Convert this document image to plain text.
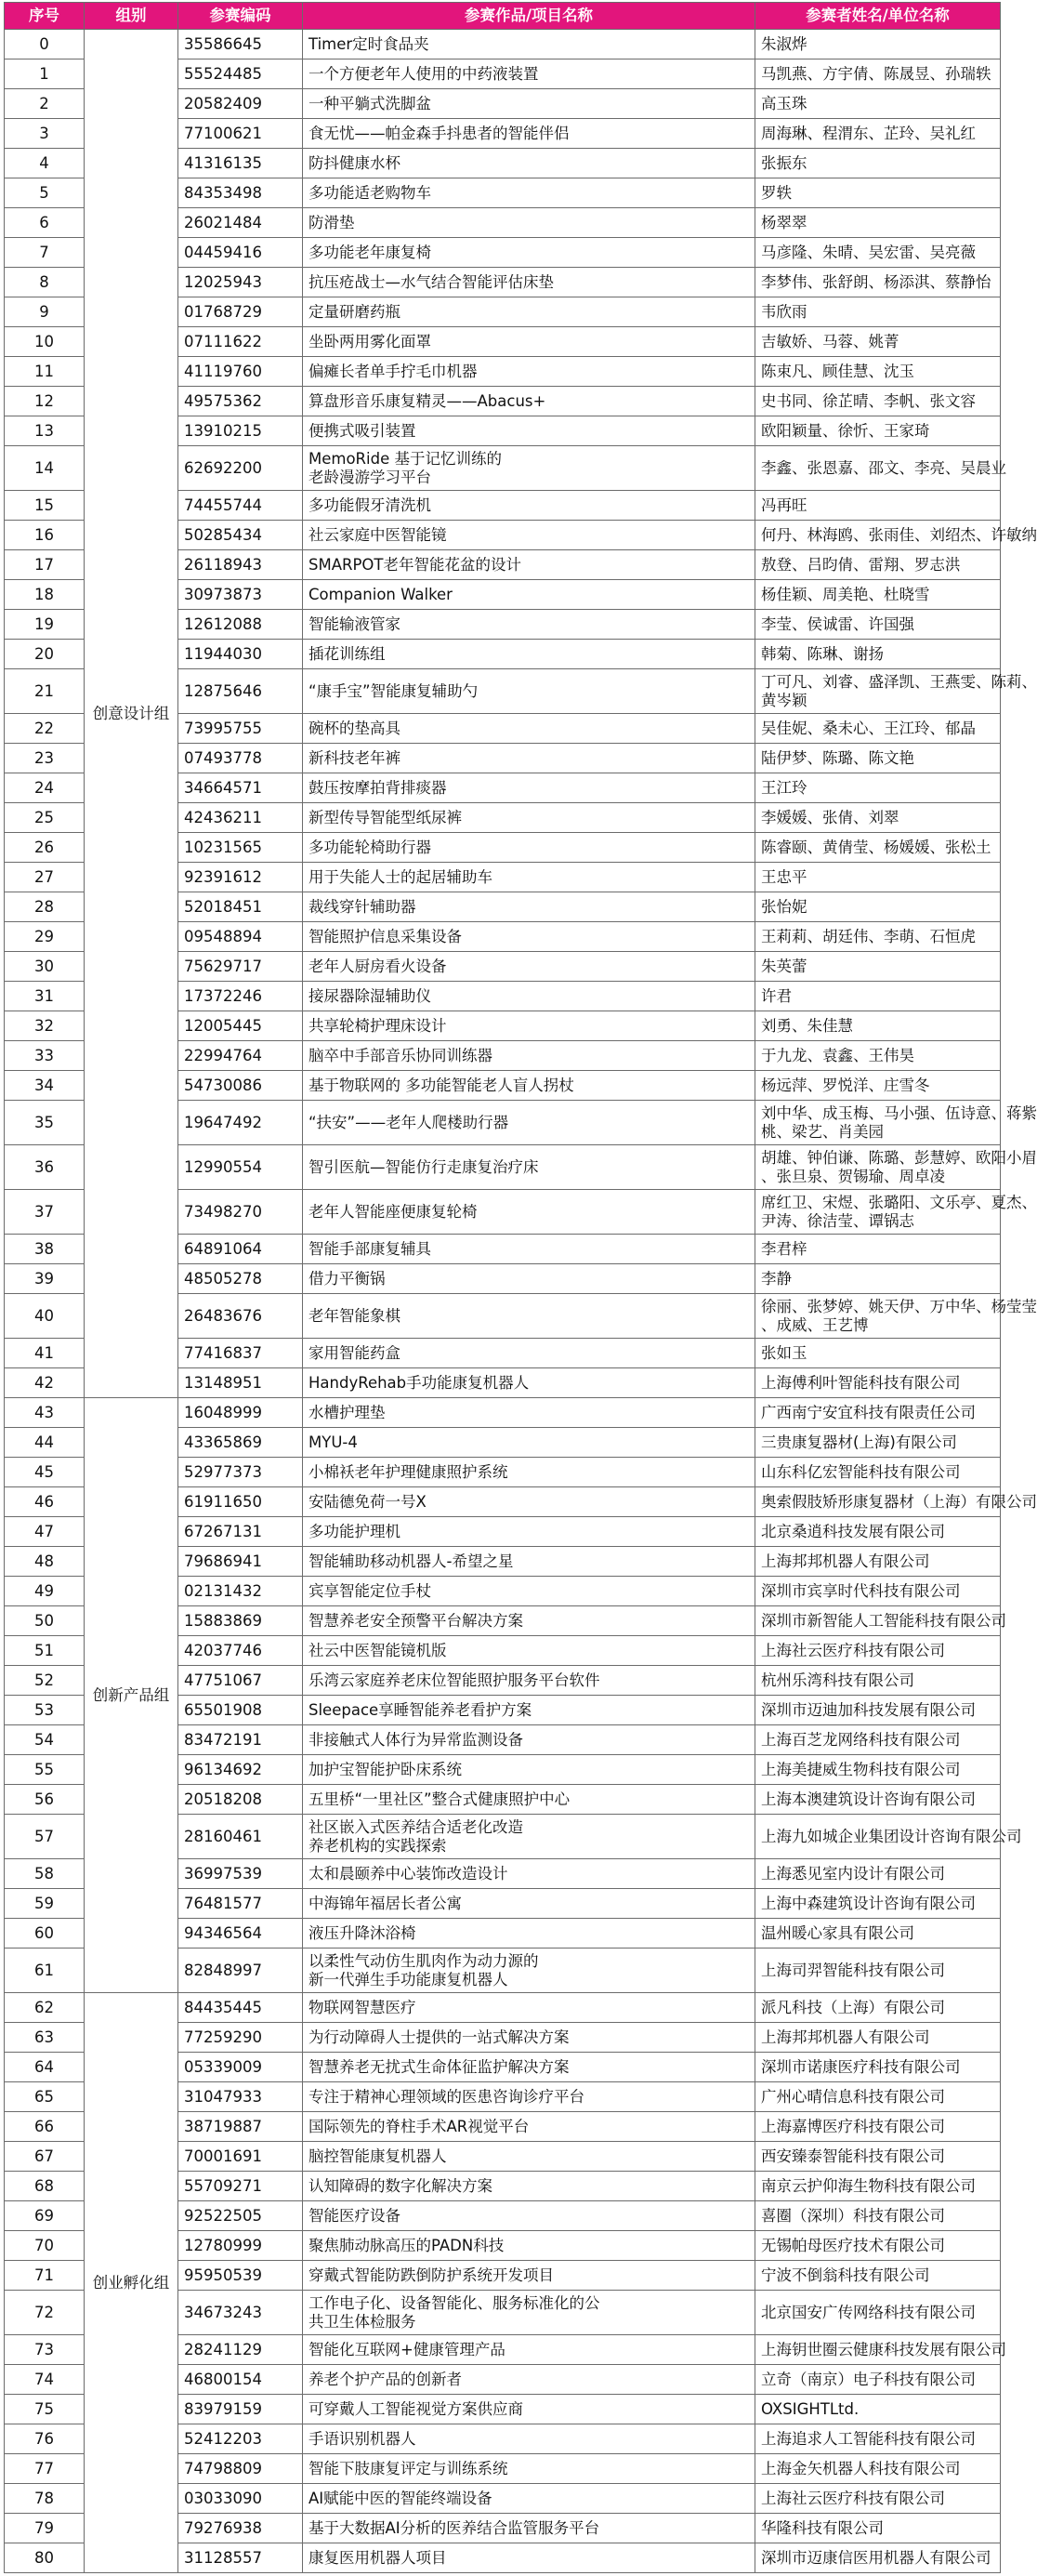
序号	组别	参赛编码	参赛作品/项目名称	参赛者姓名/单位名称
0	创意设计组	35586645	Timer定时食品夹	朱淑烨

1		55524485	一个方便老年人使用的中药液装置	马凯燕、方宇倩、陈晟昱、孙瑞轶

2		20582409	一种平躺式洗脚盆	高玉珠

3		77100621	食无忧——帕金森手抖患者的智能伴侣	周海琳、程渭东、芷玲、吴礼红

4		41316135	防抖健康水杯	张振东

5		84353498	多功能适老购物车	罗轶

6		26021484	防滑垫	杨翠翠

7		04459416	多功能老年康复椅	马彦隆、朱晴、吴宏雷、吴亮薇

8		12025943	抗压疮战士—水气结合智能评估床垫	李梦伟、张舒朗、杨添淇、蔡静怡

9		01768729	定量研磨药瓶	韦欣雨

10		07111622	坐卧两用雾化面罩	吉敏娇、马蓉、姚菁

11		41119760	偏瘫长者单手拧毛巾机器	陈束凡、顾佳慧、沈玉

12		49575362	算盘形音乐康复精灵——Abacus+	史书同、徐芷晴、李帆、张文容

13		13910215	便携式吸引装置	欧阳颖量、徐忻、王家琦

14		62692200	MemoRide 基于记忆训练的
老龄漫游学习平台	李鑫、张恩嘉、邵文、李亮、吴晨业

15		74455744	多功能假牙清洗机	冯再旺

16		50285434	社云家庭中医智能镜	何丹、林海鸥、张雨佳、刘绍杰、许敏纳

17		26118943	SMARPOT老年智能花盆的设计	敖登、吕昀倩、雷翔、罗志洪

18		30973873	Companion Walker	杨佳颖、周美艳、杜晓雪

19		12612088	智能输液管家	李莹、侯诚雷、许国强

20		11944030	插花训练组	韩菊、陈琳、谢扬

21		12875646	“康手宝”智能康复辅助勺	丁可凡、刘睿、盛泽凯、王燕雯、陈莉、
黄岑颖

22		73995755	碗杯的垫高具	吴佳妮、桑未心、王江玲、郁晶

23		07493778	新科技老年裤	陆伊梦、陈璐、陈文艳

24		34664571	鼓压按摩拍背排痰器	王江玲

25		42436211	新型传导智能型纸尿裤	李媛媛、张倩、刘翠

26		10231565	多功能轮椅助行器	陈睿颐、黄倩莹、杨媛媛、张松土

27		92391612	用于失能人士的起居辅助车	王忠平

28		52018451	裁线穿针辅助器	张怡妮

29		09548894	智能照护信息采集设备	王莉莉、胡廷伟、李萌、石恒虎

30		75629717	老年人厨房看火设备	朱英蕾

31		17372246	接尿器除湿辅助仪	许君

32		12005445	共享轮椅护理床设计	刘勇、朱佳慧

33		22994764	脑卒中手部音乐协同训练器	于九龙、袁鑫、王伟昊

34		54730086	基于物联网的 多功能智能老人盲人拐杖	杨远萍、罗悦洋、庄雪冬

35		19647492	“扶安”——老年人爬楼助行器	刘中华、成玉梅、马小强、伍诗意、蒋紫
桃、梁艺、肖美园

36		12990554	智引医航—智能仿行走康复治疗床	胡雄、钟伯谦、陈璐、彭慧婷、欧阳小眉
、张旦泉、贺锡瑜、周卓凌

37		73498270	老年人智能座便康复轮椅	席红卫、宋煜、张璐阳、文乐亭、夏杰、
尹涛、徐洁莹、谭锅志

38		64891064	智能手部康复辅具	李君梓

39		48505278	借力平衡锅	李静

40		26483676	老年智能象棋	徐丽、张梦婷、姚天伊、万中华、杨莹莹
、成威、王艺博

41		77416837	家用智能药盒	张如玉

42		13148951	HandyRehab手功能康复机器人	上海傅利叶智能科技有限公司

43	创新产品组	16048999	水槽护理垫	广西南宁安宜科技有限责任公司

44		43365869	MYU-4	三贵康复器材(上海)有限公司

45		52977373	小棉袄老年护理健康照护系统	山东科亿宏智能科技有限公司

46		61911650	安陆德免荷一号X	奥索假肢矫形康复器材（上海）有限公司

47		67267131	多功能护理机	北京桑逍科技发展有限公司

48		79686941	智能辅助移动机器人-希望之星	上海邦邦机器人有限公司

49		02131432	宾享智能定位手杖	深圳市宾享时代科技有限公司

50		15883869	智慧养老安全预警平台解决方案	深圳市新智能人工智能科技有限公司

51		42037746	社云中医智能镜机版	上海社云医疗科技有限公司

52		47751067	乐湾云家庭养老床位智能照护服务平台软件	杭州乐湾科技有限公司

53		65501908	Sleepace享睡智能养老看护方案	深圳市迈迪加科技发展有限公司

54		83472191	非接触式人体行为异常监测设备	上海百芝龙网络科技有限公司

55		96134692	加护宝智能护卧床系统	上海美捷威生物科技有限公司

56		20518208	五里桥“一里社区”整合式健康照护中心	上海本澳建筑设计咨询有限公司

57		28160461	社区嵌入式医养结合适老化改造
养老机构的实践探索	上海九如城企业集团设计咨询有限公司

58		36997539	太和晨颐养中心装饰改造设计	上海悉见室内设计有限公司

59		76481577	中海锦年福居长者公寓	上海中森建筑设计咨询有限公司

60		94346564	液压升降沐浴椅	温州暖心家具有限公司

61		82848997	以柔性气动仿生肌肉作为动力源的
新一代弹生手功能康复机器人	上海司羿智能科技有限公司

62	创业孵化组	84435445	物联网智慧医疗	派凡科技（上海）有限公司

63		77259290	为行动障碍人士提供的一站式解决方案	上海邦邦机器人有限公司

64		05339009	智慧养老无扰式生命体征监护解决方案	深圳市诺康医疗科技有限公司

65		31047933	专注于精神心理领域的医患咨询诊疗平台	广州心晴信息科技有限公司

66		38719887	国际领先的脊柱手术AR视觉平台	上海嘉博医疗科技有限公司

67		70001691	脑控智能康复机器人	西安臻泰智能科技有限公司

68		55709271	认知障碍的数字化解决方案	南京云护仰海生物科技有限公司

69		92522505	智能医疗设备	喜圈（深圳）科技有限公司

70		12780999	聚焦肺动脉高压的PADN科技	无锡帕母医疗技术有限公司

71		95950539	穿戴式智能防跌倒防护系统开发项目	宁波不倒翁科技有限公司

72		34673243	工作电子化、设备智能化、服务标准化的公
共卫生体检服务	北京国安广传网络科技有限公司

73		28241129	智能化互联网+健康管理产品	上海钥世圈云健康科技发展有限公司

74		46800154	养老个护产品的创新者	立奇（南京）电子科技有限公司

75		83979159	可穿戴人工智能视觉方案供应商	OXSIGHTLtd.

76		52412203	手语识别机器人	上海追求人工智能科技有限公司

77		74798809	智能下肢康复评定与训练系统	上海金矢机器人科技有限公司

78		03033090	AI赋能中医的智能终端设备	上海社云医疗科技有限公司

79		79276938	基于大数据AI分析的医养结合监管服务平台	华隆科技有限公司

80		31128557	康复医用机器人项目	深圳市迈康信医用机器人有限公司
